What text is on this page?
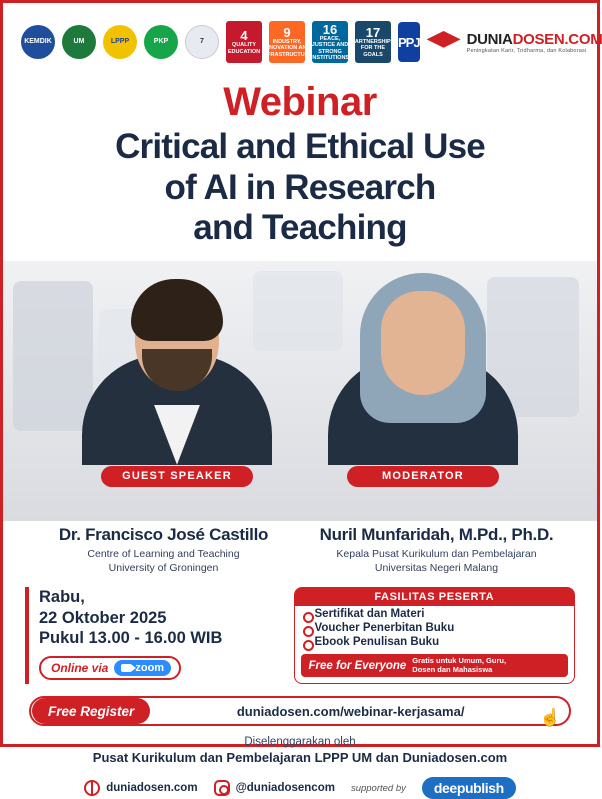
KEMDIK	UM	LPPP	PKP	7	4
QUALITY EDUCATION
9
INDUSTRY, INNOVATION AND INFRASTRUCTURE
16
PEACE, JUSTICE AND STRONG INSTITUTIONS
17
PARTNERSHIPS FOR THE GOALS
PPJ	DUNIADOSEN.COM
Peningkatan Karir, Tridharma, dan Kolaborasi
Webinar
Critical and Ethical Use
of AI in Research
and Teaching
GUEST SPEAKER	MODERATOR
Dr. Francisco José Castillo
Centre of Learning and Teaching
University of Groningen
Nuril Munfaridah, M.Pd., Ph.D.
Kepala Pusat Kurikulum dan Pembelajaran
Universitas Negeri Malang
Rabu,
22 Oktober 2025
Pukul 13.00 - 16.00 WIB
Online via zoom
FASILITAS PESERTA
Sertifikat dan Materi
Voucher Penerbitan Buku
Ebook Penulisan Buku
Free for Everyone Gratis untuk Umum, Guru,
Dosen dan Mahasiswa
Free Register	duniadosen.com/webinar-kerjasama/	☝
Diselenggarakan oleh
Pusat Kurikulum dan Pembelajaran LPPP UM dan Duniadosen.com
duniadosen.com	@duniadosencom supported by	deepublish
